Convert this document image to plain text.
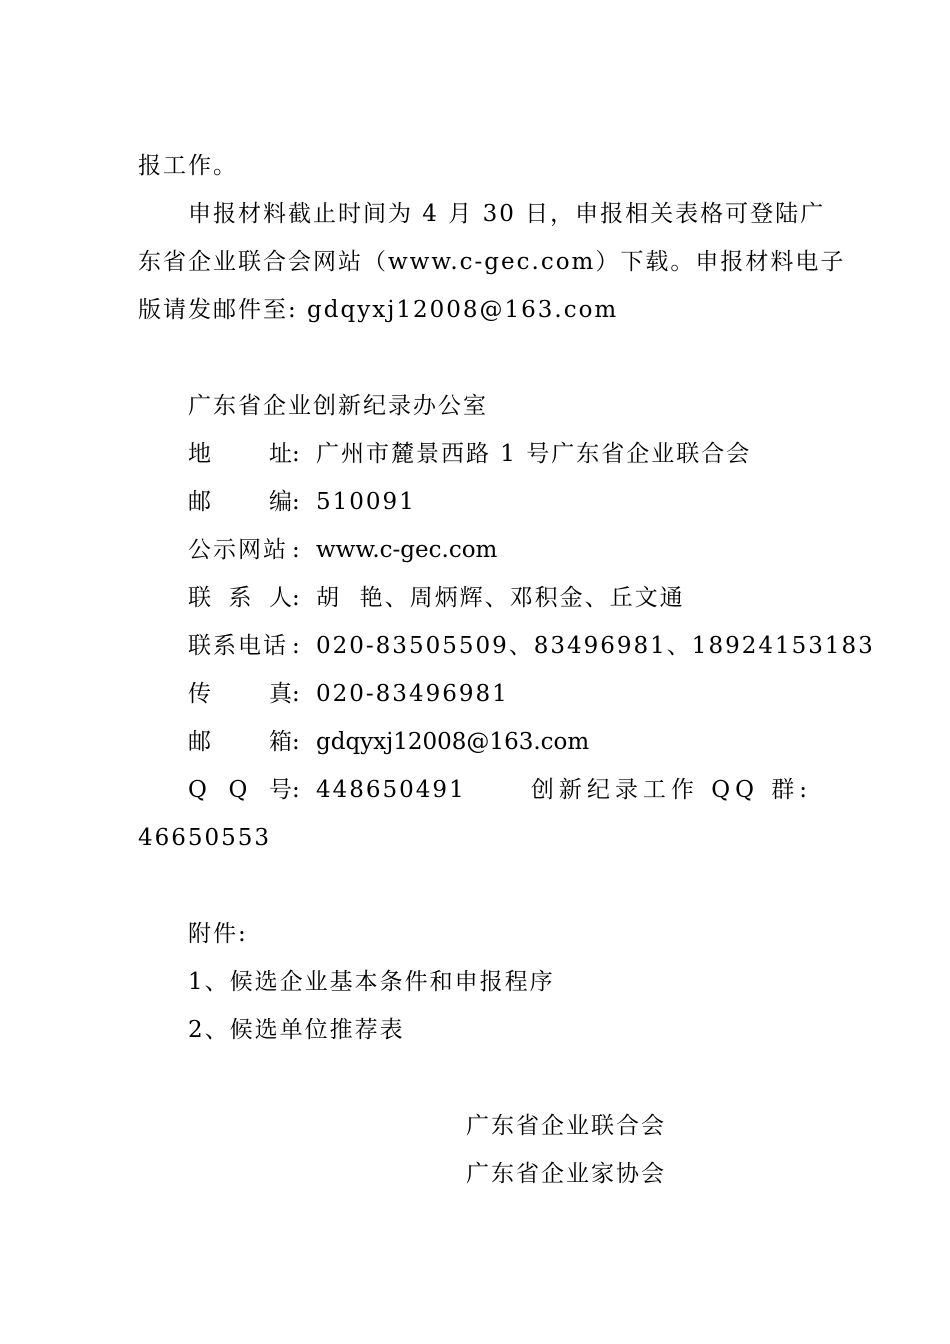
报工作。
申报材料截止时间为 4 月 30 日，申报相关表格可登陆广
东省企业联合会网站（www.c-gec.com）下载。申报材料电子
版请发邮件至: gdqyxj12008@163.com
广东省企业创新纪录办公室
地	址 : 广州市麓景西路 1 号广东省企业联合会
邮	编 : 510091
公示网站 : www.c-gec.com
联 系 人 : 胡  艳、周炳辉、邓积金、丘文通
联系电话 : 020-83505509、83496981、18924153183
传	真 : 020-83496981
邮	箱 : gdqyxj12008@163.com
Q Q 号 : 448650491	创新纪录工作 QQ 群:
46650553
附件:
1、候选企业基本条件和申报程序
2、候选单位推荐表
广东省企业联合会
广东省企业家协会
